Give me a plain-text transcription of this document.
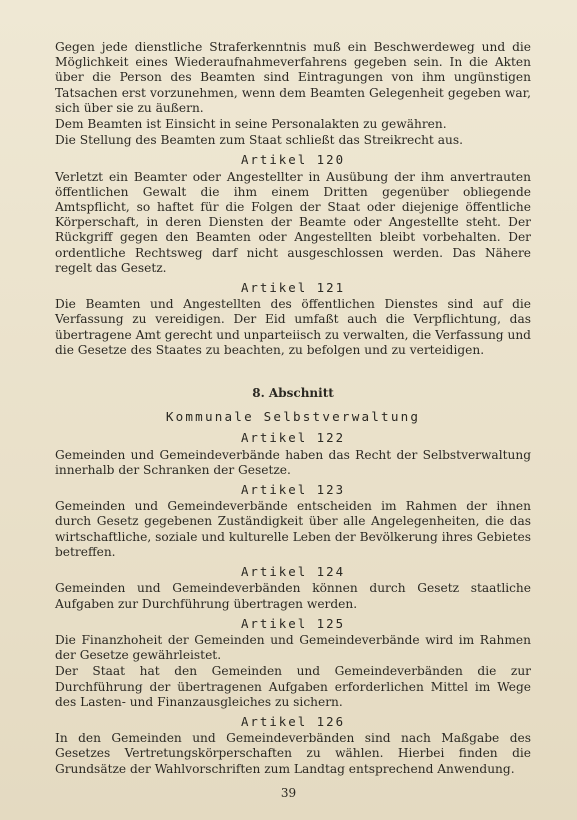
Gegen jede dienstliche Straferkenntnis muß ein Beschwerdeweg und die Möglichkeit eines Wiederaufnahmeverfahrens gegeben sein. In die Akten über die Person des Beamten sind Eintragungen von ihm ungünstigen Tatsachen erst vorzunehmen, wenn dem Beamten Gelegenheit gegeben war, sich über sie zu äußern.

Dem Beamten ist Einsicht in seine Personalakten zu gewähren.

Die Stellung des Beamten zum Staat schließt das Streikrecht aus.

Artikel 120

Verletzt ein Beamter oder Angestellter in Ausübung der ihm anvertrauten öffentlichen Gewalt die ihm einem Dritten gegenüber obliegende Amtspflicht, so haftet für die Folgen der Staat oder diejenige öffentliche Körperschaft, in deren Diensten der Beamte oder Angestellte steht. Der Rückgriff gegen den Beamten oder Angestellten bleibt vorbehalten. Der ordentliche Rechtsweg darf nicht ausgeschlossen werden. Das Nähere regelt das Gesetz.

Artikel 121

Die Beamten und Angestellten des öffentlichen Dienstes sind auf die Verfassung zu vereidigen. Der Eid umfaßt auch die Verpflichtung, das übertragene Amt gerecht und unparteiisch zu verwalten, die Verfassung und die Gesetze des Staates zu beachten, zu befolgen und zu verteidigen.

8. Abschnitt
Kommunale Selbstverwaltung
Artikel 122

Gemeinden und Gemeindeverbände haben das Recht der Selbstverwaltung innerhalb der Schranken der Gesetze.

Artikel 123

Gemeinden und Gemeindeverbände entscheiden im Rahmen der ihnen durch Gesetz gegebenen Zuständigkeit über alle Angelegenheiten, die das wirtschaftliche, soziale und kulturelle Leben der Bevölkerung ihres Gebietes betreffen.

Artikel 124

Gemeinden und Gemeindeverbänden können durch Gesetz staatliche Aufgaben zur Durchführung übertragen werden.

Artikel 125

Die Finanzhoheit der Gemeinden und Gemeindeverbände wird im Rahmen der Gesetze gewährleistet.

Der Staat hat den Gemeinden und Gemeindeverbänden die zur Durchführung der übertragenen Aufgaben erforderlichen Mittel im Wege des Lasten- und Finanzausgleiches zu sichern.

Artikel 126

In den Gemeinden und Gemeindeverbänden sind nach Maßgabe des Gesetzes Vertretungskörperschaften zu wählen. Hierbei finden die Grundsätze der Wahlvorschriften zum Landtag entsprechend Anwendung.

39
